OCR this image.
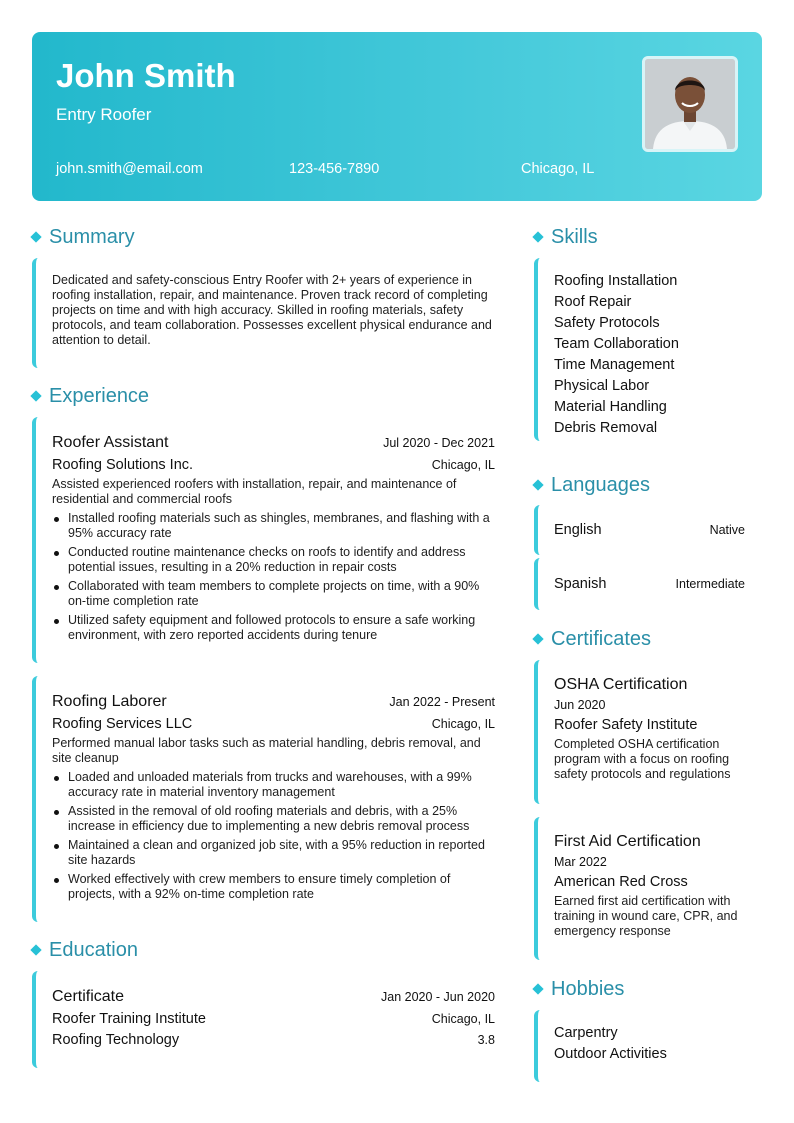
John Smith
Entry Roofer
john.smith@email.com	123-456-7890	Chicago, IL
Summary
Dedicated and safety-conscious Entry Roofer with 2+ years of experience in roofing installation, repair, and maintenance. Proven track record of completing projects on time and with high accuracy. Skilled in roofing materials, safety protocols, and team collaboration. Possesses excellent physical endurance and attention to detail.
Experience
Roofer Assistant	Jul 2020 - Dec 2021
Roofing Solutions Inc.	Chicago, IL
Assisted experienced roofers with installation, repair, and maintenance of residential and commercial roofs
Installed roofing materials such as shingles, membranes, and flashing with a 95% accuracy rate
Conducted routine maintenance checks on roofs to identify and address potential issues, resulting in a 20% reduction in repair costs
Collaborated with team members to complete projects on time, with a 90% on-time completion rate
Utilized safety equipment and followed protocols to ensure a safe working environment, with zero reported accidents during tenure
Roofing Laborer	Jan 2022 - Present
Roofing Services LLC	Chicago, IL
Performed manual labor tasks such as material handling, debris removal, and site cleanup
Loaded and unloaded materials from trucks and warehouses, with a 99% accuracy rate in material inventory management
Assisted in the removal of old roofing materials and debris, with a 25% increase in efficiency due to implementing a new debris removal process
Maintained a clean and organized job site, with a 95% reduction in reported site hazards
Worked effectively with crew members to ensure timely completion of projects, with a 92% on-time completion rate
Education
Certificate	Jan 2020 - Jun 2020
Roofer Training Institute	Chicago, IL
Roofing Technology	3.8
Skills
Roofing Installation
Roof Repair
Safety Protocols
Team Collaboration
Time Management
Physical Labor
Material Handling
Debris Removal
Languages
English	Native
Spanish	Intermediate
Certificates
OSHA Certification
Jun 2020
Roofer Safety Institute
Completed OSHA certification program with a focus on roofing safety protocols and regulations
First Aid Certification
Mar 2022
American Red Cross
Earned first aid certification with training in wound care, CPR, and emergency response
Hobbies
Carpentry
Outdoor Activities
